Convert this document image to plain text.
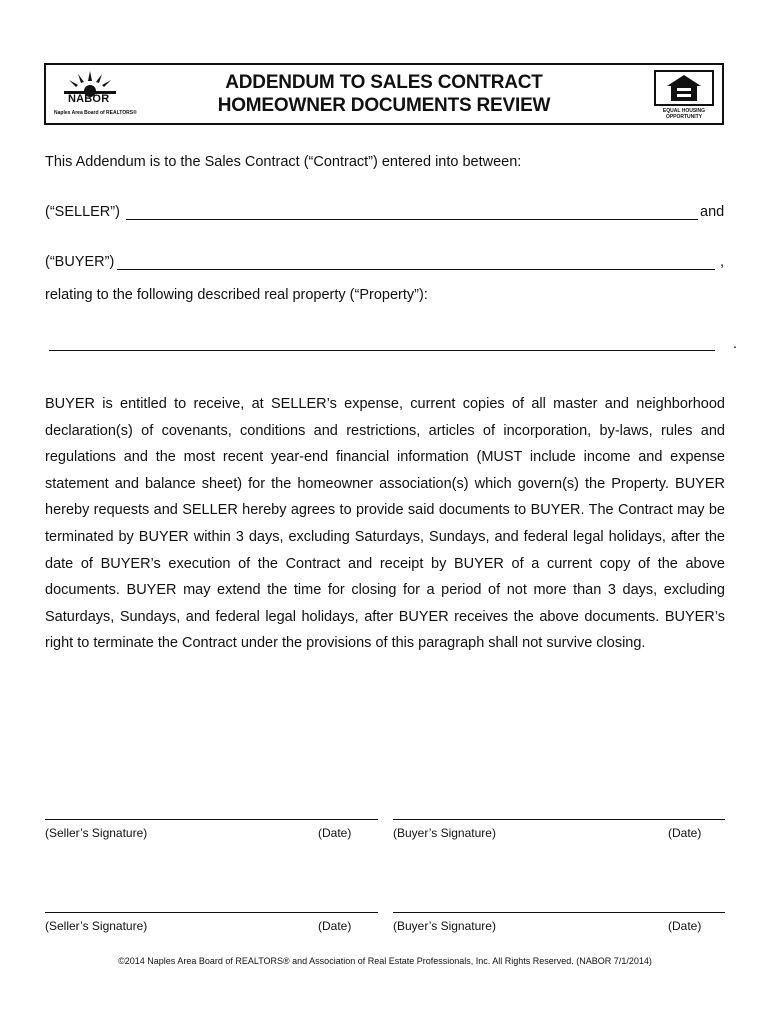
NABOR
Naples Area Board of REALTORS®
ADDENDUM TO SALES CONTRACT
HOMEOWNER DOCUMENTS REVIEW	EQUAL HOUSING
OPPORTUNITY
This Addendum is to the Sales Contract (“Contract”) entered into between:
(“SELLER”)	and
(“BUYER”)	,
relating to the following described real property (“Property”):
.

BUYER is entitled to receive, at SELLER’s expense, current copies of all master and neighborhood declaration(s) of covenants, conditions and restrictions, articles of incorporation, by-laws, rules and regulations and the most recent year-end financial information (MUST include income and expense statement and balance sheet) for the homeowner association(s) which govern(s) the Property. BUYER hereby requests and SELLER hereby agrees to provide said documents to BUYER. The Contract may be terminated by BUYER within 3 days, excluding Saturdays, Sundays, and federal legal holidays, after the date of BUYER’s execution of the Contract and receipt by BUYER of a current copy of the above documents. BUYER may extend the time for closing for a period of not more than 3 days, excluding Saturdays, Sundays, and federal legal holidays, after BUYER receives the above documents. BUYER’s right to terminate the Contract under the provisions of this paragraph shall not survive closing.

(Seller’s Signature)	(Date)	(Buyer’s Signature)	(Date)
(Seller’s Signature)	(Date)	(Buyer’s Signature)	(Date)
©2014 Naples Area Board of REALTORS® and Association of Real Estate Professionals, Inc. All Rights Reserved. (NABOR 7/1/2014)
